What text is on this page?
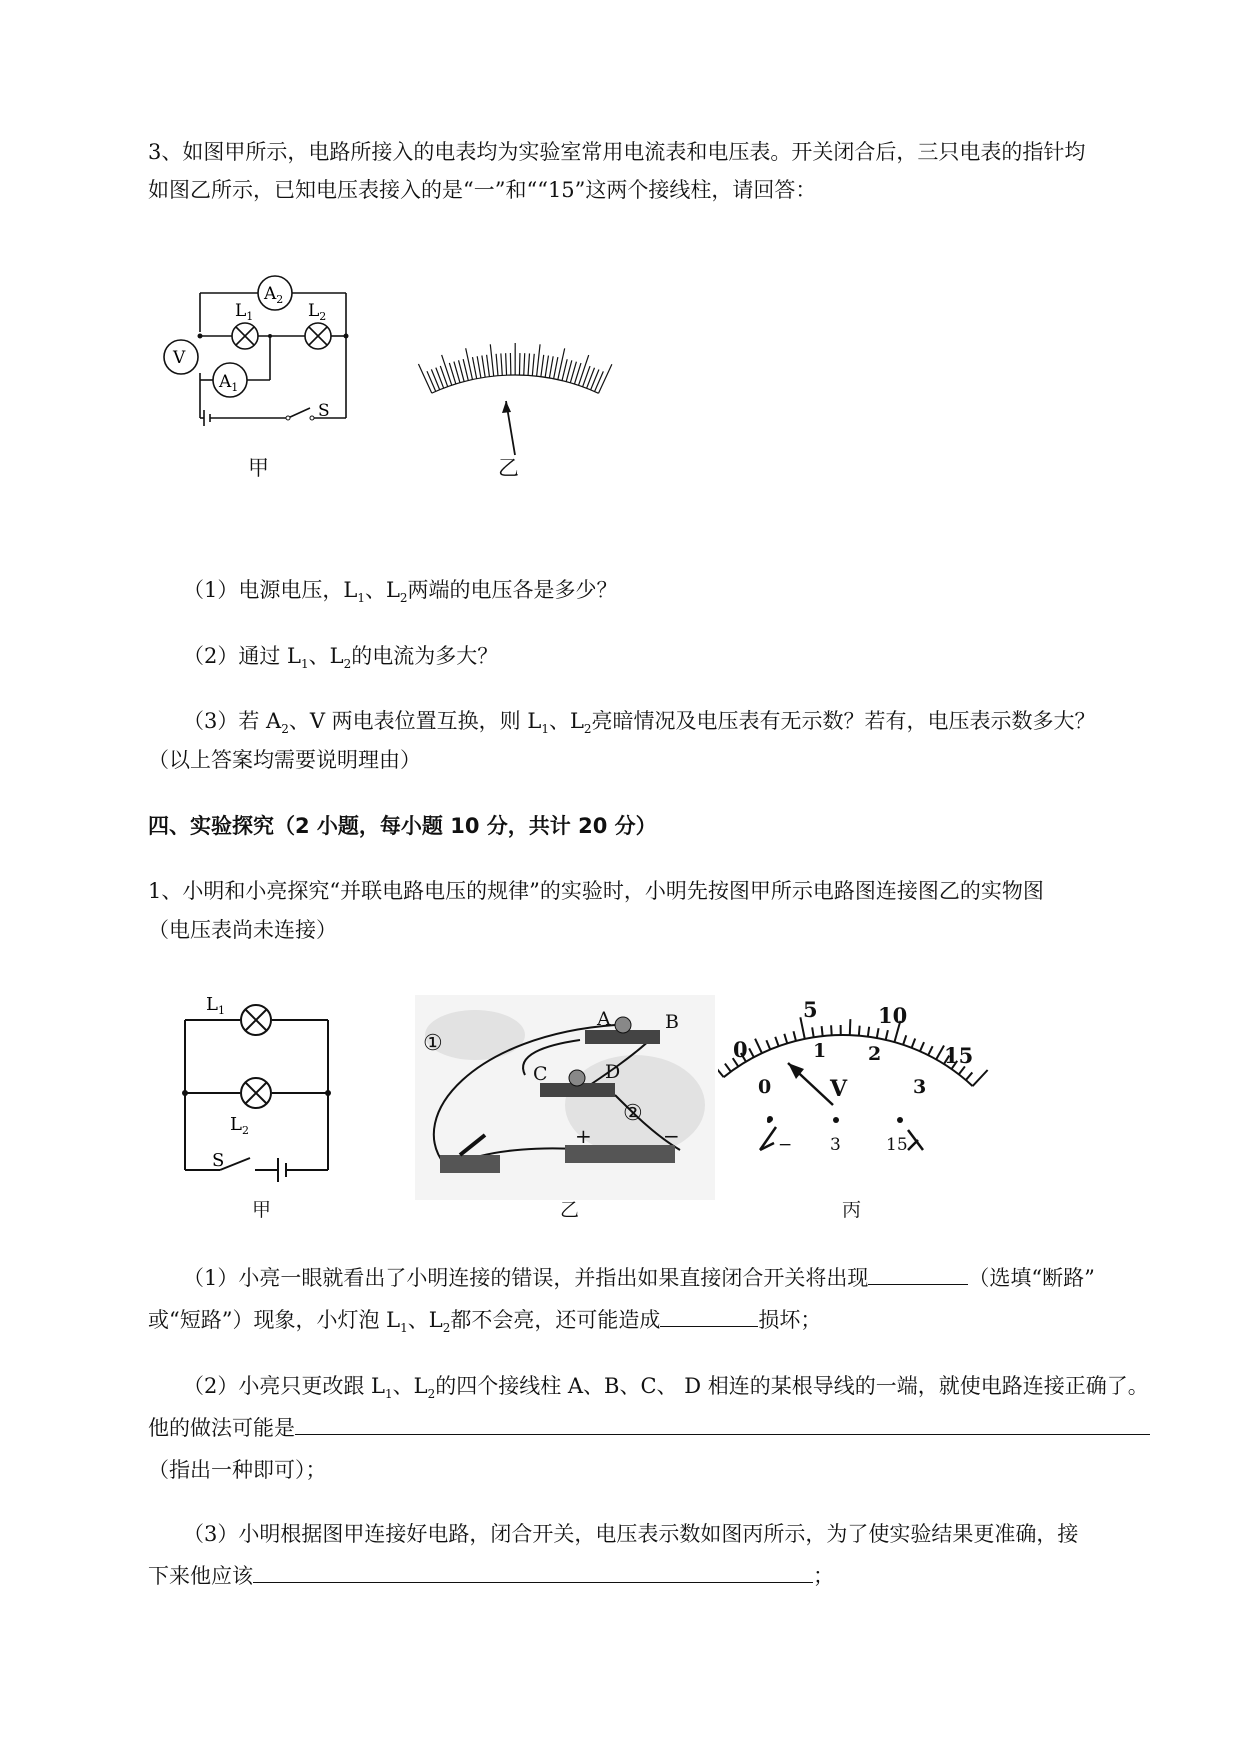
3、如图甲所示，电路所接入的电表均为实验室常用电流表和电压表。开关闭合后，三只电表的指针均
如图乙所示，已知电压表接入的是“一”和““15”这两个接线柱，请回答：
$A_2$
$A_1$
V
$L_1$	$L_2$
S
甲	乙
（1）电源电压，$L_1$、$L_2$两端的电压各是多少？
（2）通过 $L_1$、$L_2$的电流为多大？
（3）若 $A_2$、V 两电表位置互换，则 $L_1$、$L_2$亮暗情况及电压表有无示数？若有，电压表示数多大？
（以上答案均需要说明理由）
四、实验探究（2 小题，每小题 10 分，共计 20 分）
1、小明和小亮探究“并联电路电压的规律”的实验时，小明先按图甲所示电路图连接图乙的实物图
（电压表尚未连接）
$L_1$
$L_2$
S
甲
A	B
C	D
①
②
+	−
乙
0
5	10
15
0
1 2
3
V
− 3	15
丙
（1）小亮一眼就看出了小明连接的错误，并指出如果直接闭合开关将出现	（选填“断路”
或“短路”）现象，小灯泡 $L_1$、$L_2$都不会亮，还可能造成	损坏；
（2）小亮只更改跟 $L_1$、$L_2$的四个接线柱 A、B、C、 D 相连的某根导线的一端，就使电路连接正确了。
他的做法可能是
（指出一种即可）；
（3）小明根据图甲连接好电路，闭合开关，电压表示数如图丙所示，为了使实验结果更准确，接
下来他应该	；
